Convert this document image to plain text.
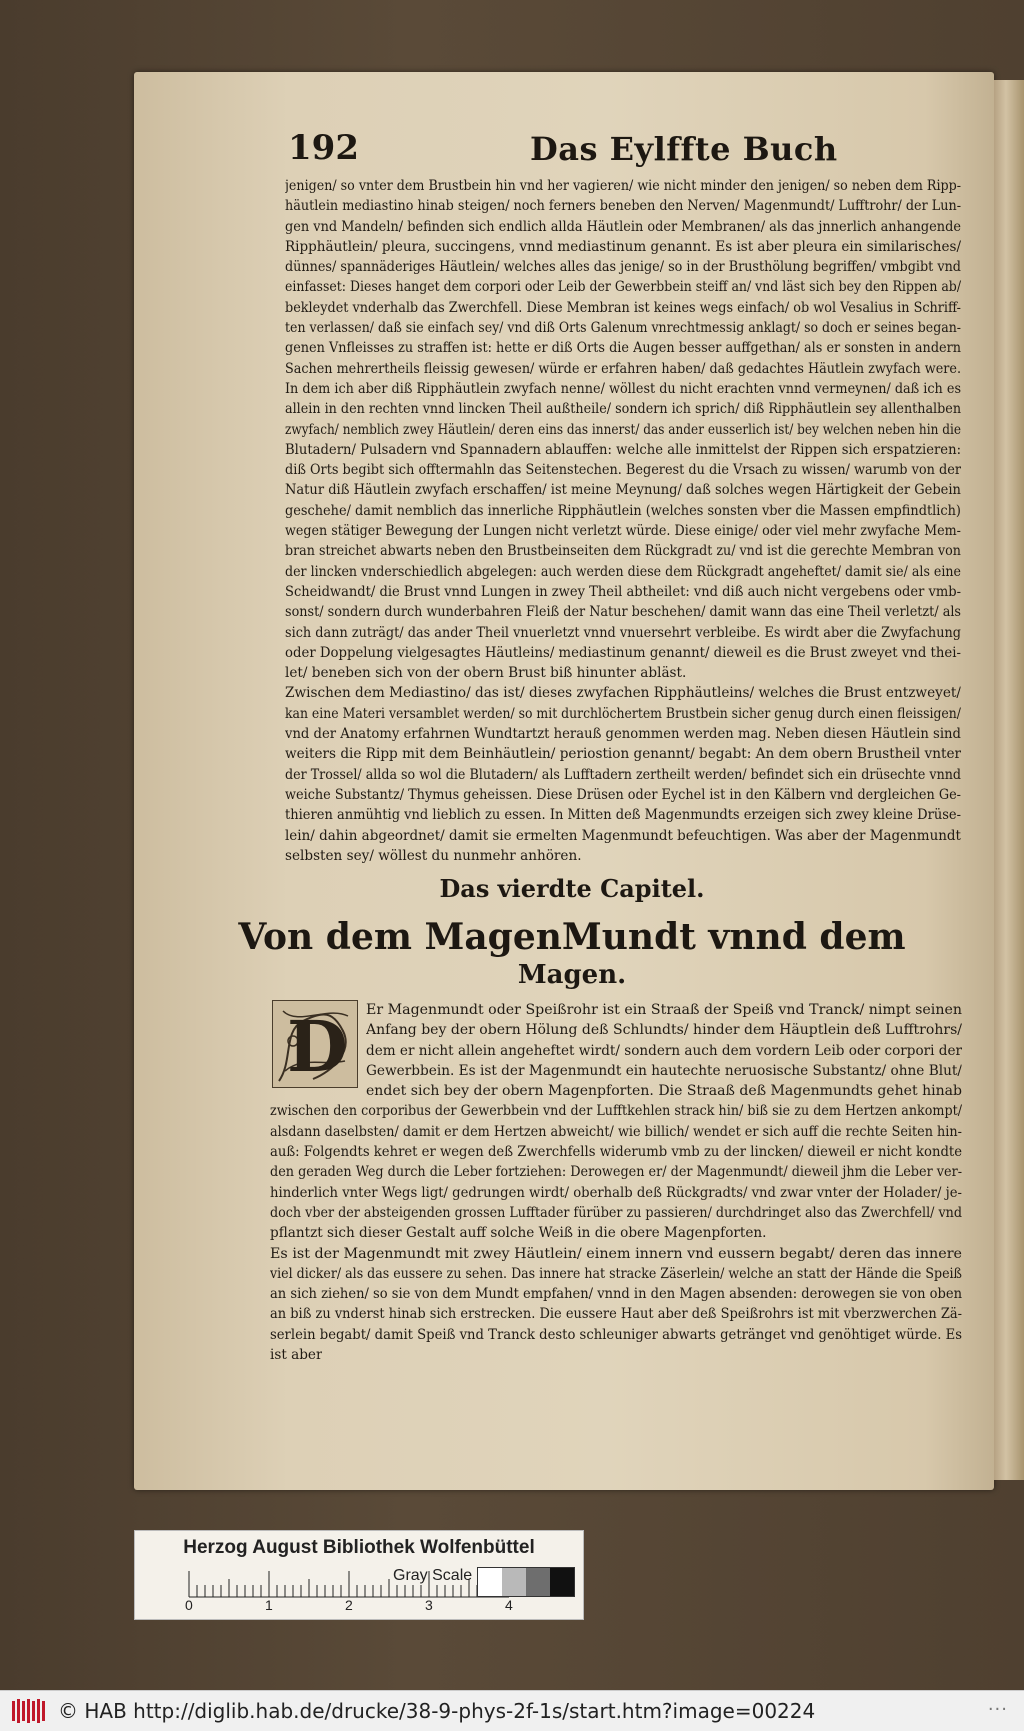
192	Das Eylffte Buch
jenigen/ so vnter dem Brustbein hin vnd her vagieren/ wie nicht minder den jenigen/ so neben dem Ripp-
häutlein mediastino hinab steigen/ noch ferners beneben den Nerven/ Magenmundt/ Lufftrohr/ der Lun-
gen vnd Mandeln/ befinden sich endlich allda Häutlein oder Membranen/ als das jnnerlich anhangende
Ripphäutlein/ pleura, succingens, vnnd mediastinum genannt. Es ist aber pleura ein similarisches/
dünnes/ spannäderiges Häutlein/ welches alles das jenige/ so in der Brusthölung begriffen/ vmbgibt vnd
einfasset: Dieses hanget dem corpori oder Leib der Gewerbbein steiff an/ vnd läst sich bey den Rippen ab/
bekleydet vnderhalb das Zwerchfell. Diese Membran ist keines wegs einfach/ ob wol Vesalius in Schriff-
ten verlassen/ daß sie einfach sey/ vnd diß Orts Galenum vnrechtmessig anklagt/ so doch er seines began-
genen Vnfleisses zu straffen ist: hette er diß Orts die Augen besser auffgethan/ als er sonsten in andern
Sachen mehrertheils fleissig gewesen/ würde er erfahren haben/ daß gedachtes Häutlein zwyfach were.
In dem ich aber diß Ripphäutlein zwyfach nenne/ wöllest du nicht erachten vnnd vermeynen/ daß ich es
allein in den rechten vnnd lincken Theil außtheile/ sondern ich sprich/ diß Ripphäutlein sey allenthalben
zwyfach/ nemblich zwey Häutlein/ deren eins das innerst/ das ander eusserlich ist/ bey welchen neben hin die
Blutadern/ Pulsadern vnd Spannadern ablauffen: welche alle inmittelst der Rippen sich erspatzieren:
diß Orts begibt sich offtermahln das Seitenstechen. Begerest du die Vrsach zu wissen/ warumb von der
Natur diß Häutlein zwyfach erschaffen/ ist meine Meynung/ daß solches wegen Härtigkeit der Gebein
geschehe/ damit nemblich das innerliche Ripphäutlein (welches sonsten vber die Massen empfindtlich)
wegen stätiger Bewegung der Lungen nicht verletzt würde. Diese einige/ oder viel mehr zwyfache Mem-
bran streichet abwarts neben den Brustbeinseiten dem Rückgradt zu/ vnd ist die gerechte Membran von
der lincken vnderschiedlich abgelegen: auch werden diese dem Rückgradt angeheftet/ damit sie/ als eine
Scheidwandt/ die Brust vnnd Lungen in zwey Theil abtheilet: vnd diß auch nicht vergebens oder vmb-
sonst/ sondern durch wunderbahren Fleiß der Natur beschehen/ damit wann das eine Theil verletzt/ als
sich dann zuträgt/ das ander Theil vnuerletzt vnnd vnuersehrt verbleibe. Es wirdt aber die Zwyfachung
oder Doppelung vielgesagtes Häutleins/ mediastinum genannt/ dieweil es die Brust zweyet vnd thei-
let/ beneben sich von der obern Brust biß hinunter abläst.
Zwischen dem Mediastino/ das ist/ dieses zwyfachen Ripphäutleins/ welches die Brust entzweyet/
kan eine Materi versamblet werden/ so mit durchlöchertem Brustbein sicher genug durch einen fleissigen/
vnd der Anatomy erfahrnen Wundtartzt herauß genommen werden mag. Neben diesen Häutlein sind
weiters die Ripp mit dem Beinhäutlein/ periostion genannt/ begabt: An dem obern Brustheil vnter
der Trossel/ allda so wol die Blutadern/ als Lufftadern zertheilt werden/ befindet sich ein drüsechte vnnd
weiche Substantz/ Thymus geheissen. Diese Drüsen oder Eychel ist in den Kälbern vnd dergleichen Ge-
thieren anmühtig vnd lieblich zu essen. In Mitten deß Magenmundts erzeigen sich zwey kleine Drüse-
lein/ dahin abgeordnet/ damit sie ermelten Magenmundt befeuchtigen. Was aber der Magenmundt
selbsten sey/ wöllest du nunmehr anhören.
Das vierdte Capitel.
Von dem MagenMundt vnnd dem
Magen.
D Er Magenmundt oder Speißrohr ist ein Straaß der Speiß vnd Tranck/ nimpt seinen
Anfang bey der obern Hölung deß Schlundts/ hinder dem Häuptlein deß Lufftrohrs/
dem er nicht allein angeheftet wirdt/ sondern auch dem vordern Leib oder corpori der
Gewerbbein. Es ist der Magenmundt ein hautechte neruosische Substantz/ ohne Blut/
endet sich bey der obern Magenpforten. Die Straaß deß Magenmundts gehet hinab
zwischen den corporibus der Gewerbbein vnd der Lufftkehlen strack hin/ biß sie zu dem Hertzen ankompt/
alsdann daselbsten/ damit er dem Hertzen abweicht/ wie billich/ wendet er sich auff die rechte Seiten hin-
auß: Folgendts kehret er wegen deß Zwerchfells widerumb vmb zu der lincken/ dieweil er nicht kondte
den geraden Weg durch die Leber fortziehen: Derowegen er/ der Magenmundt/ dieweil jhm die Leber ver-
hinderlich vnter Wegs ligt/ gedrungen wirdt/ oberhalb deß Rückgradts/ vnd zwar vnter der Holader/ je-
doch vber der absteigenden grossen Lufftader fürüber zu passieren/ durchdringet also das Zwerchfell/ vnd
pflantzt sich dieser Gestalt auff solche Weiß in die obere Magenpforten.
Es ist der Magenmundt mit zwey Häutlein/ einem innern vnd eussern begabt/ deren das innere
viel dicker/ als das eussere zu sehen. Das innere hat stracke Zäserlein/ welche an statt der Hände die Speiß
an sich ziehen/ so sie von dem Mundt empfahen/ vnnd in den Magen absenden: derowegen sie von oben
an biß zu vnderst hinab sich erstrecken. Die eussere Haut aber deß Speißrohrs ist mit vberzwerchen Zä-
serlein begabt/ damit Speiß vnd Tranck desto schleuniger abwarts getränget vnd genöhtiget würde. Es
ist aber
Herzog August Bibliothek Wolfenbüttel
0	1	2	3	4
Gray Scale
© HAB http://diglib.hab.de/drucke/38-9-phys-2f-1s/start.htm?image=00224	···
